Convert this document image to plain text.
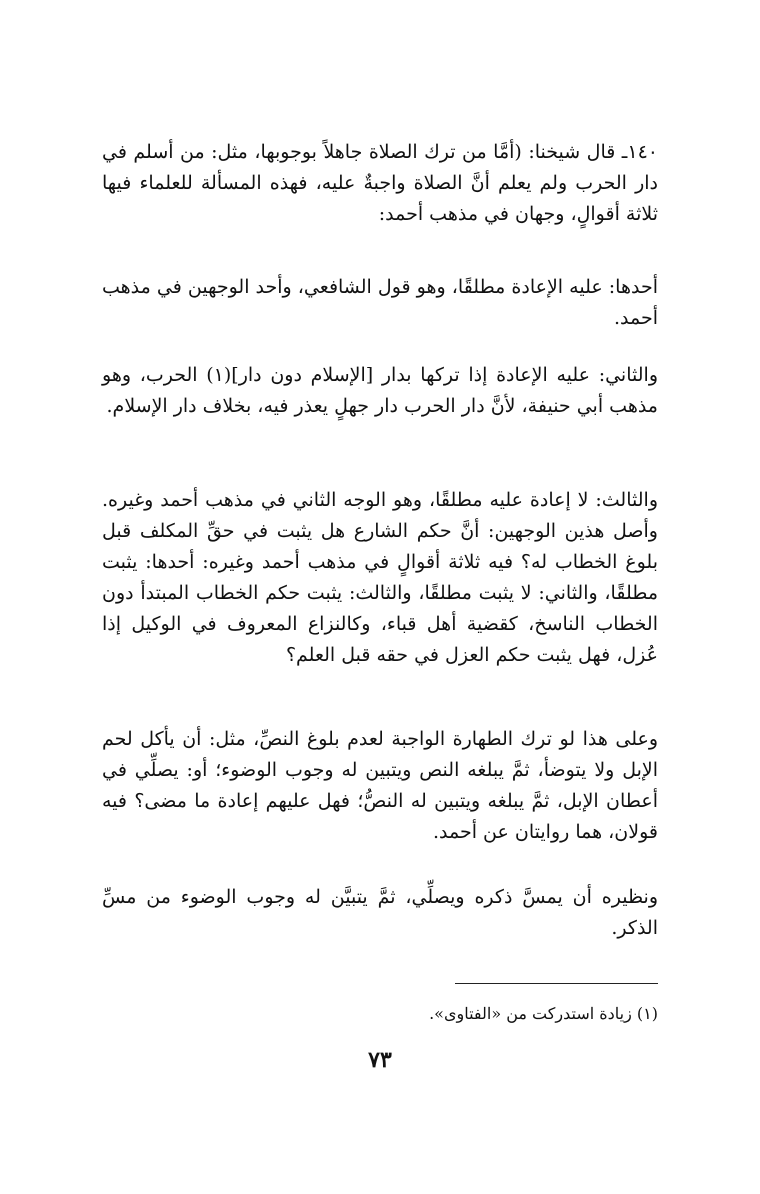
١٤٠ـ قال شيخنا: (أمَّا من ترك الصلاة جاهلاً بوجوبها، مثل: من أسلم في دار الحرب ولم يعلم أنَّ الصلاة واجبةٌ عليه، فهذه المسألة للعلماء فيها ثلاثة أقوالٍ، وجهان في مذهب أحمد:

أحدها: عليه الإعادة مطلقًا، وهو قول الشافعي، وأحد الوجهين في مذهب أحمد.

والثاني: عليه الإعادة إذا تركها بدار [الإسلام دون دار](١) الحرب، وهو مذهب أبي حنيفة، لأنَّ دار الحرب دار جهلٍ يعذر فيه، بخلاف دار الإسلام.

والثالث: لا إعادة عليه مطلقًا، وهو الوجه الثاني في مذهب أحمد وغيره. وأصل هذين الوجهين: أنَّ حكم الشارع هل يثبت في حقِّ المكلف قبل بلوغ الخطاب له؟ فيه ثلاثة أقوالٍ في مذهب أحمد وغيره: أحدها: يثبت مطلقًا، والثاني: لا يثبت مطلقًا، والثالث: يثبت حكم الخطاب المبتدأ دون الخطاب الناسخ، كقضية أهل قباء، وكالنزاع المعروف في الوكيل إذا عُزل، فهل يثبت حكم العزل في حقه قبل العلم؟

وعلى هذا لو ترك الطهارة الواجبة لعدم بلوغ النصِّ، مثل: أن يأكل لحم الإبل ولا يتوضأ، ثمَّ يبلغه النص ويتبين له وجوب الوضوء؛ أو: يصلِّي في أعطان الإبل، ثمَّ يبلغه ويتبين له النصُّ؛ فهل عليهم إعادة ما مضى؟ فيه قولان، هما روايتان عن أحمد.

ونظيره أن يمسَّ ذكره ويصلِّي، ثمَّ يتبيَّن له وجوب الوضوء من مسِّ الذكر.

(١) زيادة استدركت من «الفتاوى».

٧٣
